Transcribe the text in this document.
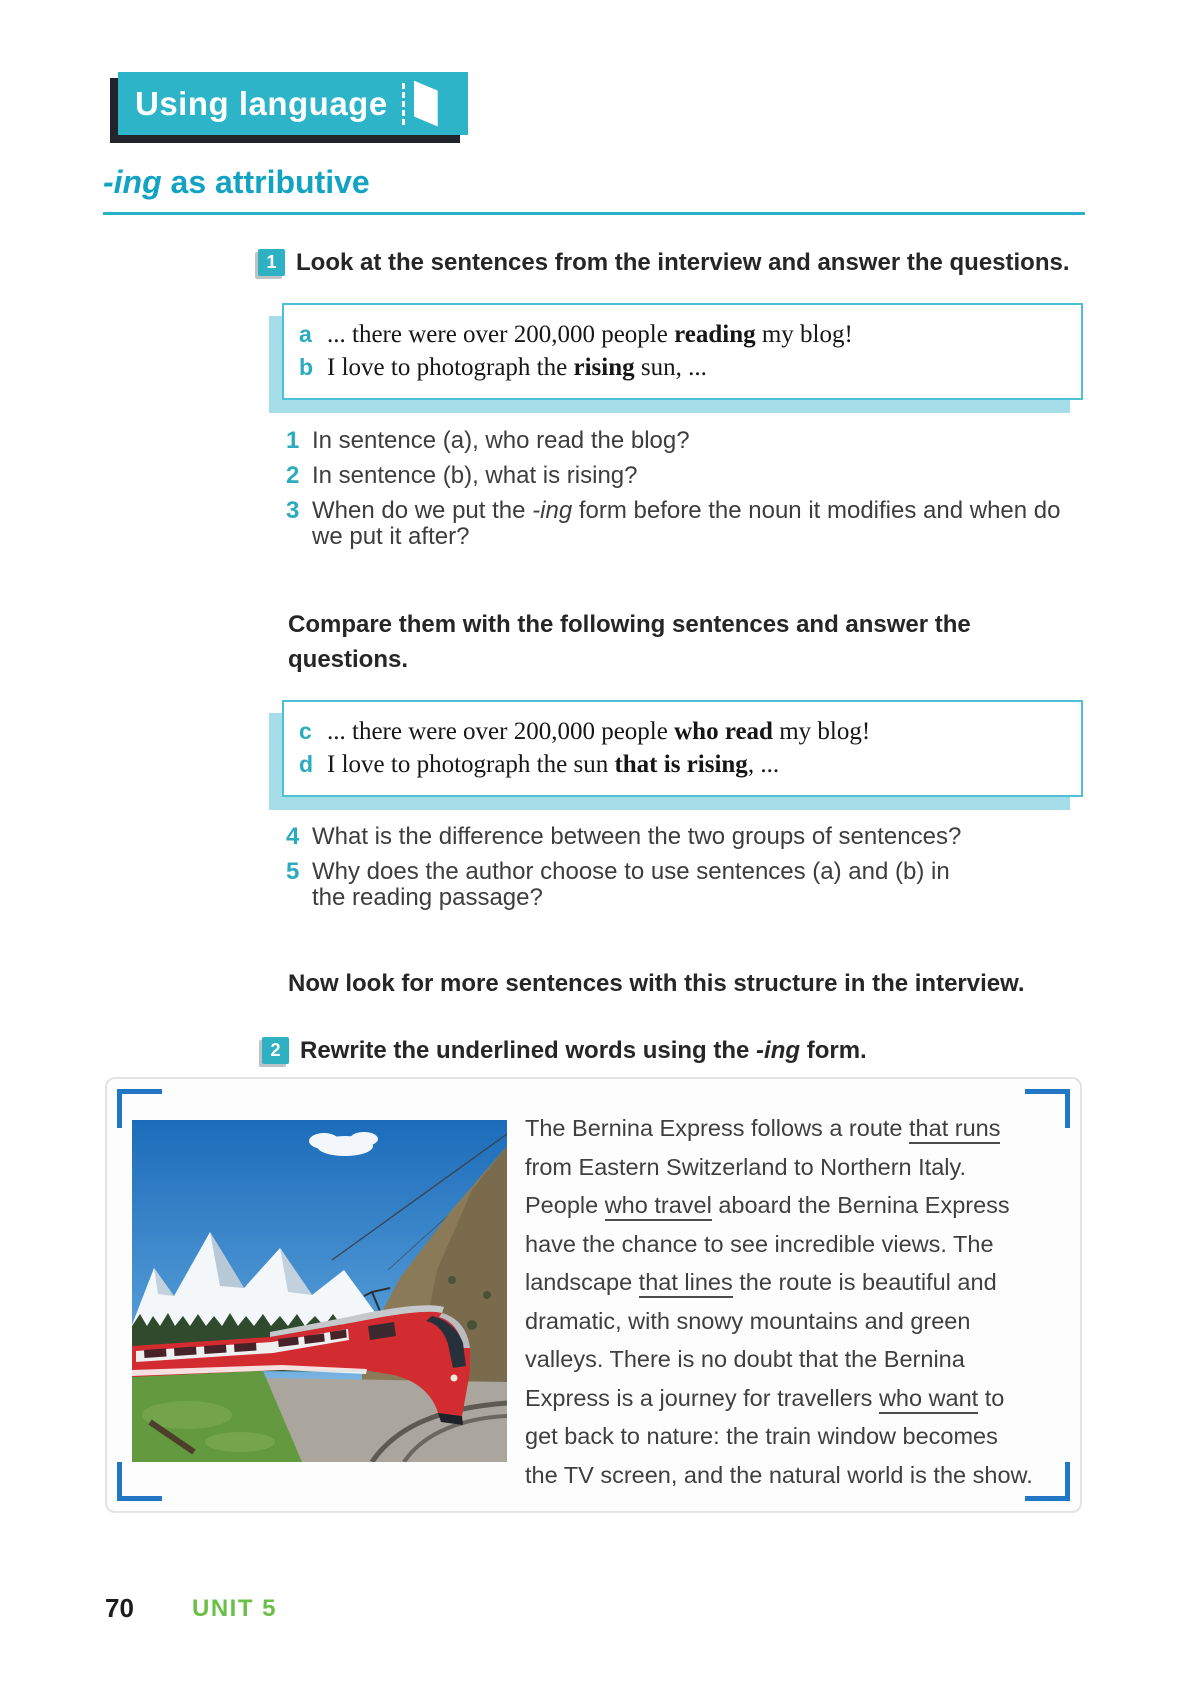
Using language
-ing as attributive
1 Look at the sentences from the interview and answer the questions.
a ... there were over 200,000 people reading my blog!
b I love to photograph the rising sun, ...
1 In sentence (a), who read the blog?
2 In sentence (b), what is rising?
3 When do we put the -ing form before the noun it modifies and when do we put it after?
Compare them with the following sentences and answer the questions.
c ... there were over 200,000 people who read my blog!
d I love to photograph the sun that is rising, ...
4 What is the difference between the two groups of sentences?
5 Why does the author choose to use sentences (a) and (b) in the reading passage?
Now look for more sentences with this structure in the interview.
2 Rewrite the underlined words using the -ing form.

The Bernina Express follows a route that runs from Eastern Switzerland to Northern Italy. People who travel aboard the Bernina Express have the chance to see incredible views. The landscape that lines the route is beautiful and dramatic, with snowy mountains and green valleys. There is no doubt that the Bernina Express is a journey for travellers who want to get back to nature: the train window becomes the TV screen, and the natural world is the show.

70 UNIT 5
